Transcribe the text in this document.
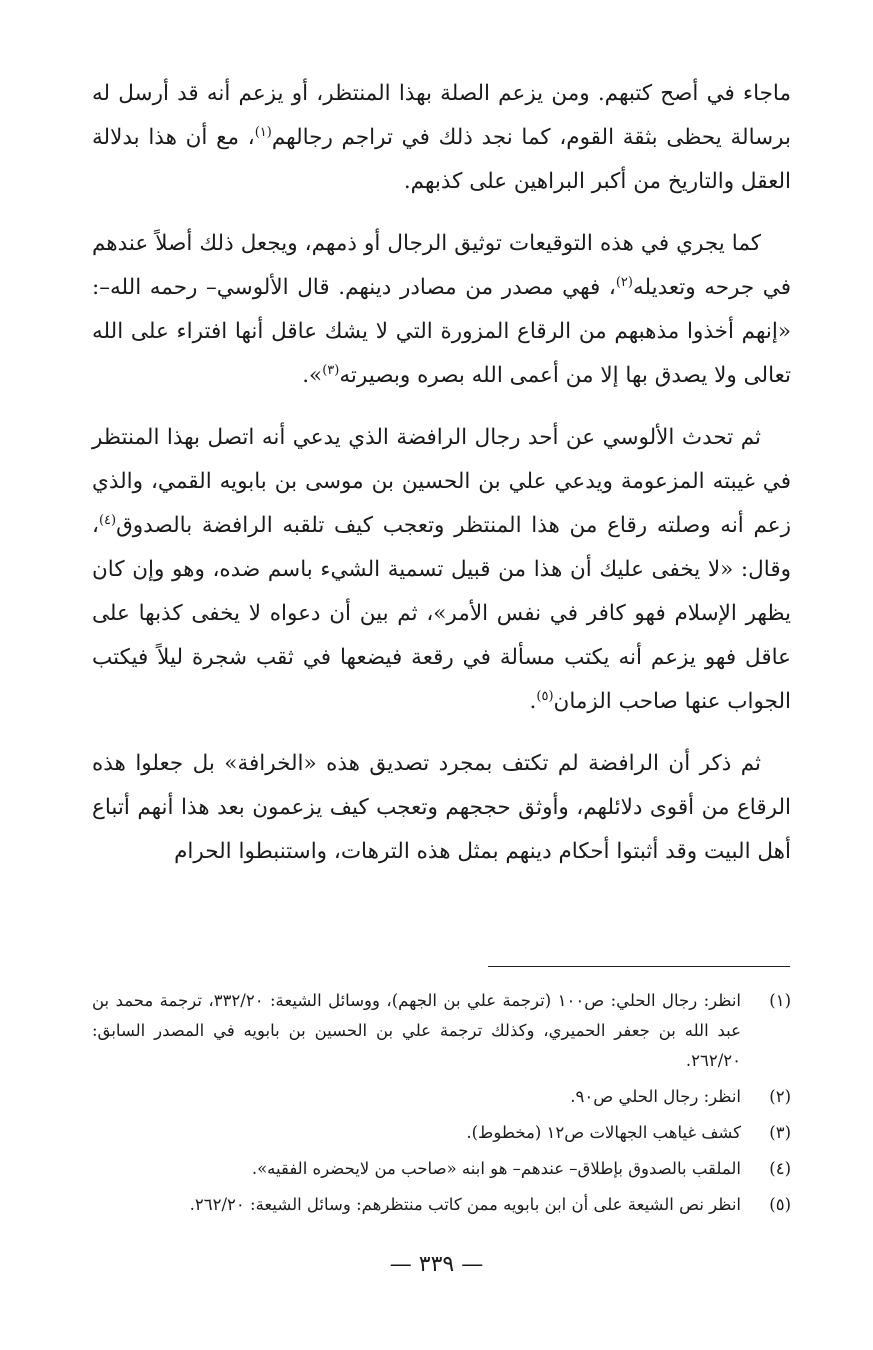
ماجاء في أصح كتبهم. ومن يزعم الصلة بهذا المنتظر، أو يزعم أنه قد أرسل له برسالة يحظى بثقة القوم، كما نجد ذلك في تراجم رجالهم$^{(١)}$، مع أن هذا بدلالة العقل والتاريخ من أكبر البراهين على كذبهم.

كما يجري في هذه التوقيعات توثيق الرجال أو ذمهم، ويجعل ذلك أصلاً عندهم في جرحه وتعديله$^{(٢)}$، فهي مصدر من مصادر دينهم. قال الألوسي– رحمه الله–: «إنهم أخذوا مذهبهم من الرقاع المزورة التي لا يشك عاقل أنها افتراء على الله تعالى ولا يصدق بها إلا من أعمى الله بصره وبصيرته$^{(٣)}$».

ثم تحدث الألوسي عن أحد رجال الرافضة الذي يدعي أنه اتصل بهذا المنتظر في غيبته المزعومة ويدعي علي بن الحسين بن موسى بن بابويه القمي، والذي زعم أنه وصلته رقاع من هذا المنتظر وتعجب كيف تلقبه الرافضة بالصدوق$^{(٤)}$، وقال: «لا يخفى عليك أن هذا من قبيل تسمية الشيء باسم ضده، وهو وإن كان يظهر الإسلام فهو كافر في نفس الأمر»، ثم بين أن دعواه لا يخفى كذبها على عاقل فهو يزعم أنه يكتب مسألة في رقعة فيضعها في ثقب شجرة ليلاً فيكتب الجواب عنها صاحب الزمان$^{(٥)}$.

ثم ذكر أن الرافضة لم تكتف بمجرد تصديق هذه «الخرافة» بل جعلوا هذه الرقاع من أقوى دلائلهم، وأوثق حججهم وتعجب كيف يزعمون بعد هذا أنهم أتباع أهل البيت وقد أثبتوا أحكام دينهم بمثل هذه الترهات، واستنبطوا الحرام

(١)
انظر: رجال الحلي: ص١٠٠ (ترجمة علي بن الجهم)، ووسائل الشيعة: ٣٣٢/٢٠، ترجمة محمد بن عبد الله بن جعفر الحميري، وكذلك ترجمة علي بن الحسين بن بابويه في المصدر السابق: ٢٦٢/٢٠.
(٢)
انظر: رجال الحلي ص٩٠.
(٣)
كشف غياهب الجهالات ص١٢ (مخطوط).
(٤)
الملقب بالصدوق بإطلاق– عندهم– هو ابنه «صاحب من لايحضره الفقيه».
(٥)
انظر نص الشيعة على أن ابن بابويه ممن كاتب منتظرهم: وسائل الشيعة: ٢٦٢/٢٠.
— ٣٣٩ —
